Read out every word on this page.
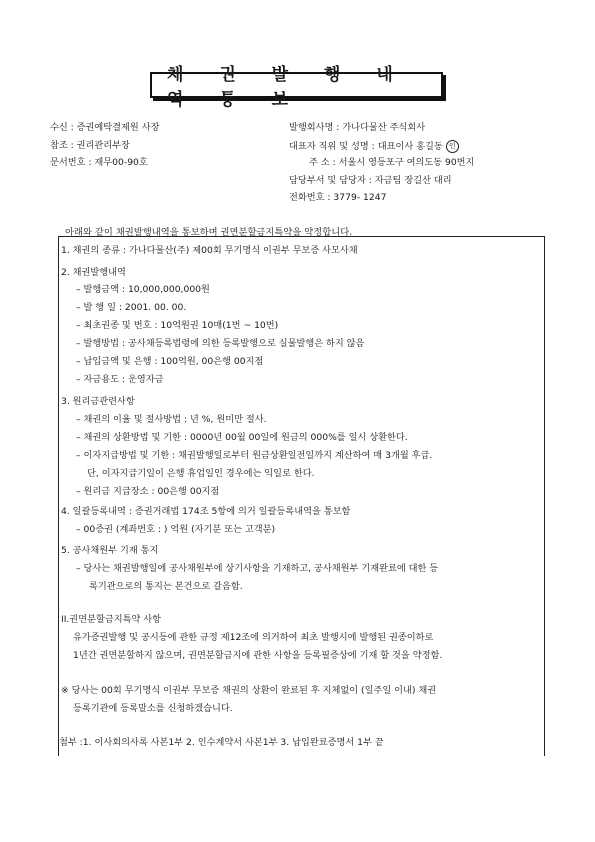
채 권 발 행 내 역 통 보
수신 : 증권예탁결제원 사장
참조 : 권리관리부장
문서번호 : 재무00-90호
발행회사명 : 가나다물산 주식회사
대표자 직위 및 성명 : 대표이사 홍길동 인
주 소 : 서울시 영등포구 여의도동 90번지
담당부서 및 담당자 : 자금팀 장길산 대리
전화번호 : 3779- 1247
아래와 같이 채권발행내역을 통보하며 권면분할금지특약을 약정합니다.
1. 채권의 종류 : 가나다물산(주) 제00회 무기명식 이권부 무보증 사모사채
2. 채권발행내역
– 발행금액 : 10,000,000,000원
– 발 행 일 : 2001. 00. 00.
– 최초권종 및 번호 : 10억원권 10매(1번 ~ 10번)
– 발행방법 : 공사채등록법령에 의한 등록발행으로 실물발행은 하지 않음
– 납입금액 및 은행 : 100억원, 00은행 00지점
– 자금용도 : 운영자금
3. 원리금관련사항
– 채권의 이율 및 절사방법 : 년 %, 원미만 절사.
– 채권의 상환방법 및 기한 : 0000년 00월 00일에 원금의 000%를 일시 상환한다.
– 이자지급방법 및 기한 : 채권발행일로부터 원금상환일전일까지 계산하여 매 3개월 후급.
단, 이자지급기일이 은행 휴업일인 경우에는 익일로 한다.
– 원리금 지급장소 : 00은행 00지점
4. 일괄등록내역 : 증권거래법 174조 5항에 의거 일괄등록내역을 통보함
– 00증권 (계좌번호 : ) 억원 (자기분 또는 고객분)
5. 공사채원부 기재 통지
– 당사는 채권발행일에 공사채원부에 상기사항을 기재하고, 공사채원부 기재완료에 대한 등
록기관으로의 통지는 본건으로 갈음함.
II.권면분할금지특약 사항
유가증권발행 및 공시등에 관한 규정 제12조에 의거하여 최초 발행시에 발행된 권종이하로
1년간 권면분할하지 않으며, 권면분할금지에 관한 사항을 등록필증상에 기재 할 것을 약정함.
※ 당사는 00회 무기명식 이권부 무보증 채권의 상환이 완료된 후 지체없이 (일주일 이내) 채권
등록기관에 등록말소를 신청하겠습니다.
첨부 :1. 이사회의사록 사본1부 2. 인수계약서 사본1부 3. 납입완료증명서 1부 끝
